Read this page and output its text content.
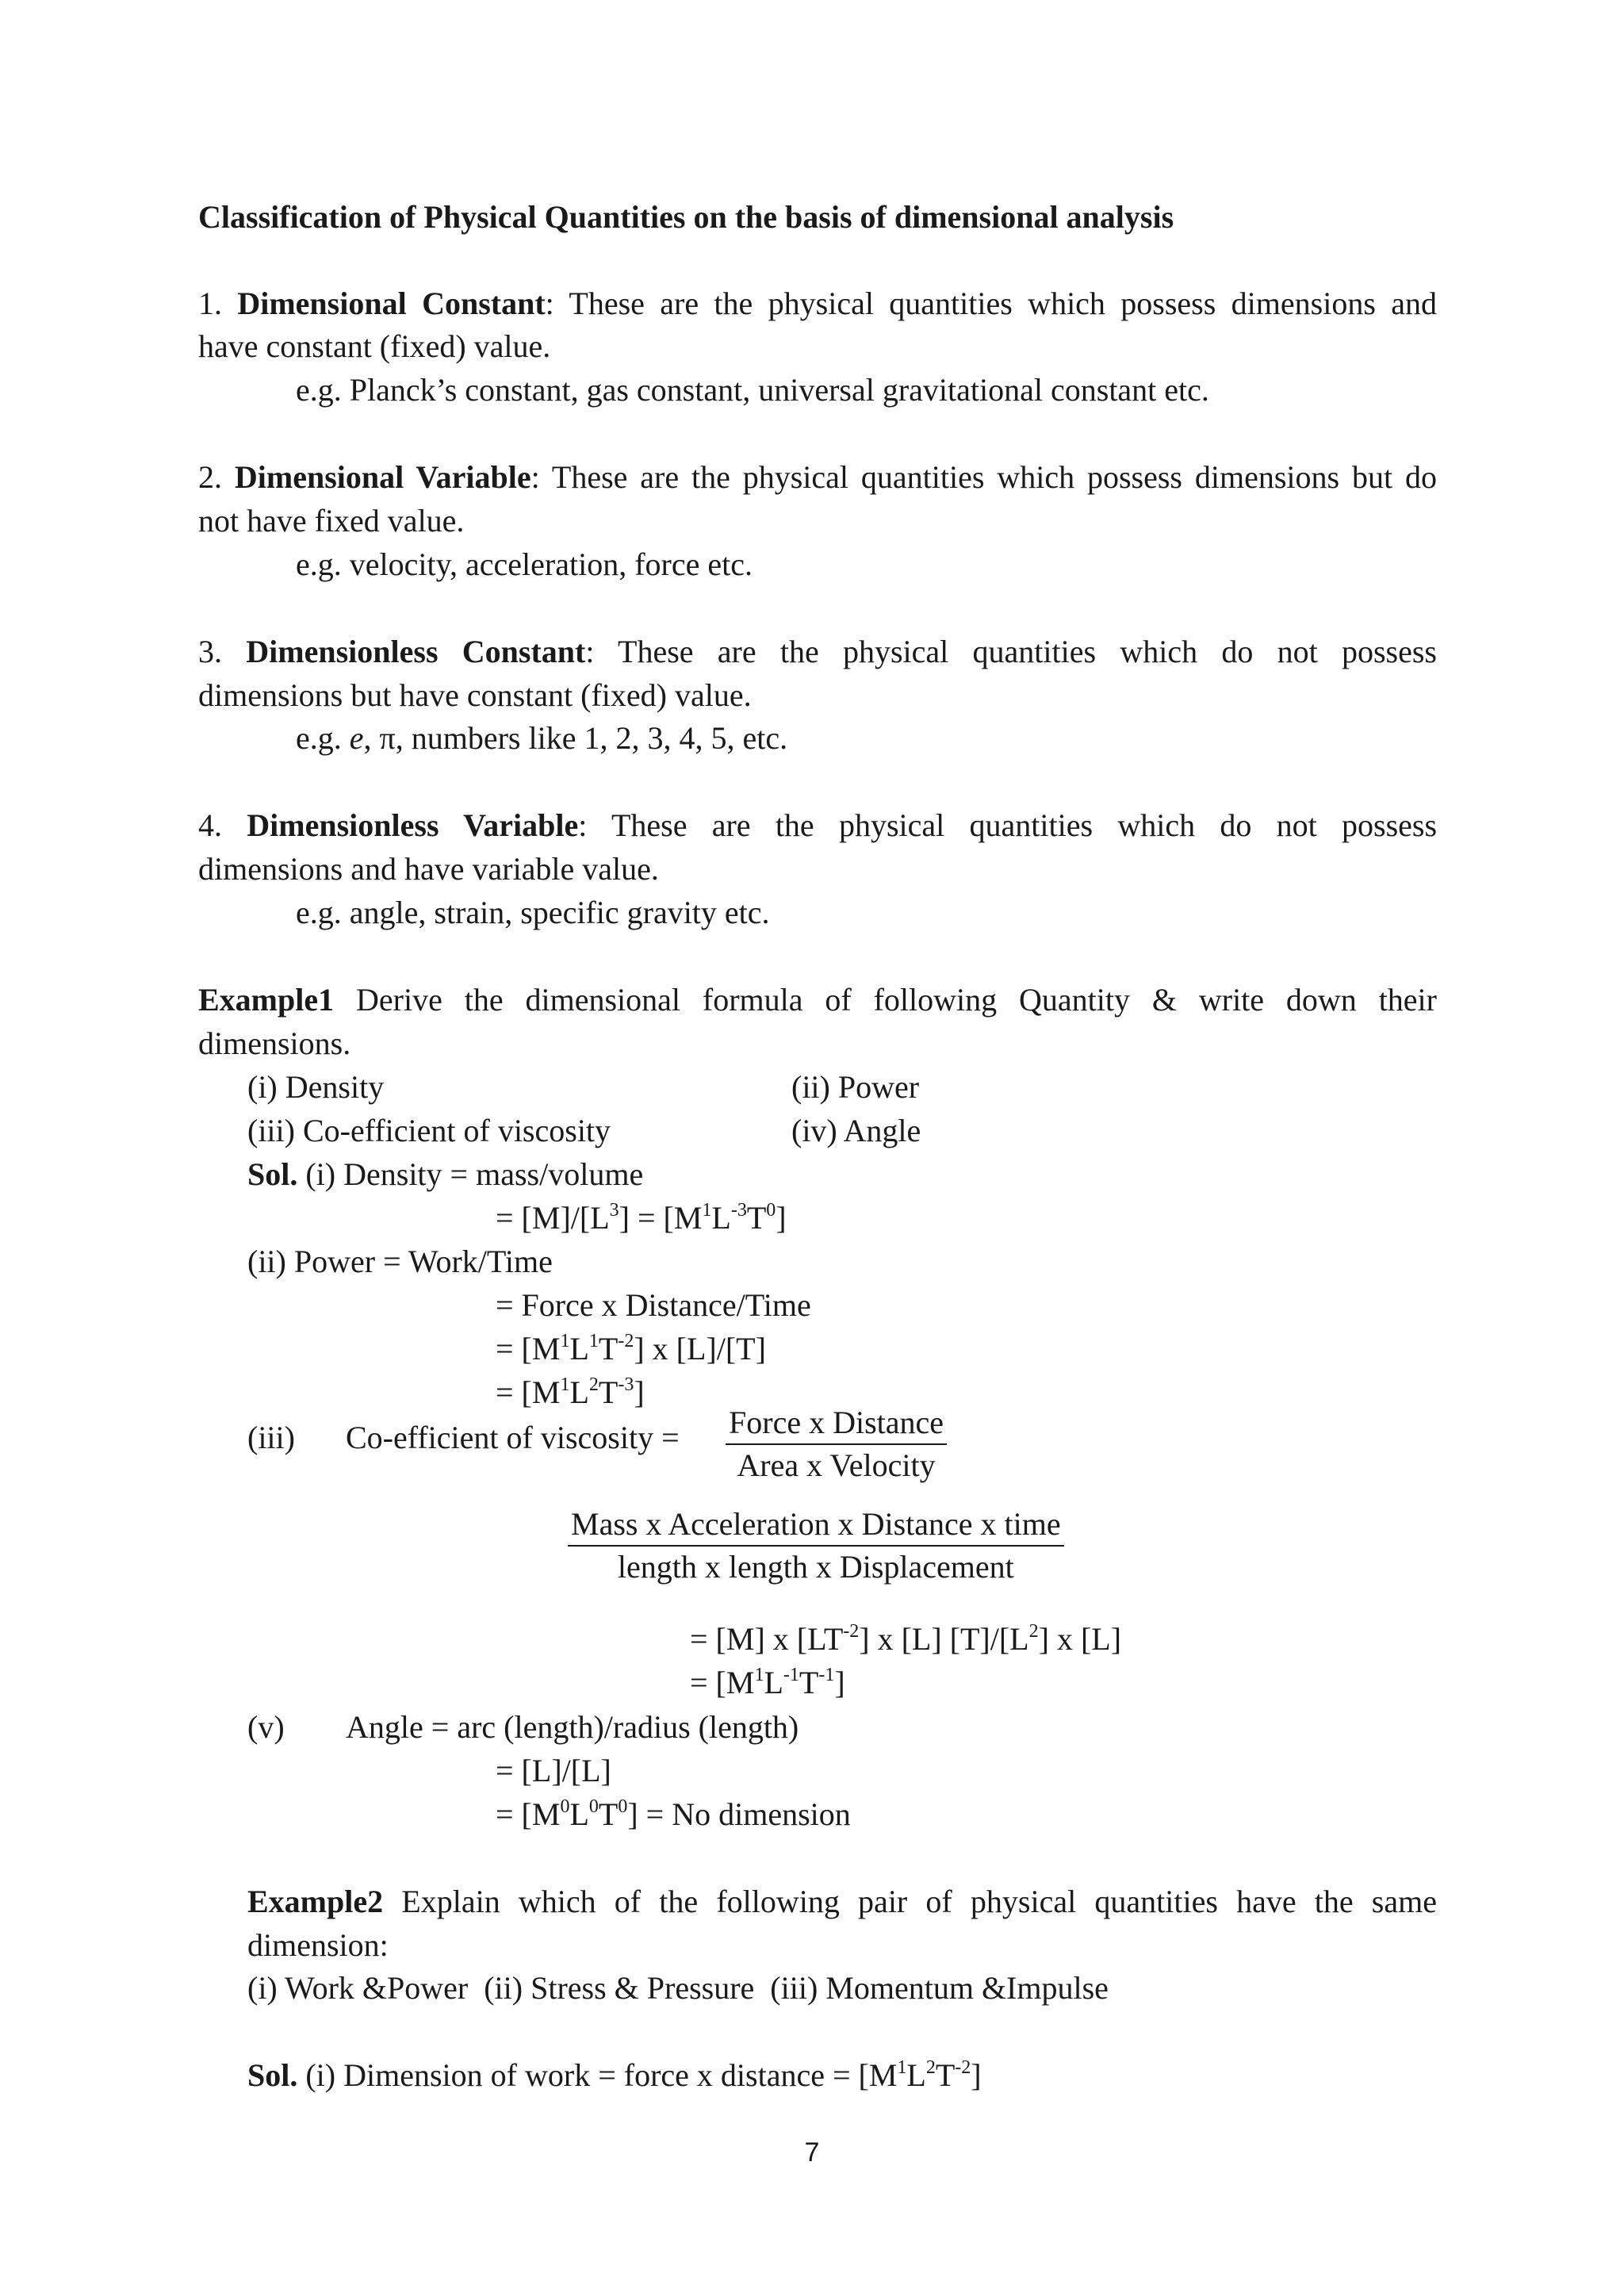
Classification of Physical Quantities on the basis of dimensional analysis
1. Dimensional Constant: These are the physical quantities which possess dimensions and
have constant (fixed) value.
e.g. Planck’s constant, gas constant, universal gravitational constant etc.
2. Dimensional Variable: These are the physical quantities which possess dimensions but do
not have fixed value.
e.g. velocity, acceleration, force etc.
3. Dimensionless Constant: These are the physical quantities which do not possess
dimensions but have constant (fixed) value.
e.g. e, π, numbers like 1, 2, 3, 4, 5, etc.
4. Dimensionless Variable: These are the physical quantities which do not possess
dimensions and have variable value.
e.g. angle, strain, specific gravity etc.
Example1 Derive the dimensional formula of following Quantity & write down their
dimensions.
(i) Density	(ii) Power
(iii) Co-efficient of viscosity	(iv) Angle
Sol. (i) Density = mass/volume
= $[M]/[L^3] = [M^1L^{-3}T^0]$
(ii) Power = Work/Time
= Force x Distance/Time
= $[M^1L^1T^{-2}]$ x [L]/[T]
= $[M^1L^2T^{-3}]$
(iii) Co-efficient of viscosity = Force x Distance
Area x Velocity
Mass x Acceleration x Distance x time
length x length x Displacement
= [M] x $[LT^{-2}]$ x [L] $[T]/[L^2]$ x [L]
= $[M^1L^{-1}T^{-1}]$
(v) Angle = arc (length)/radius (length)
= [L]/[L]
= $[M^0L^0T^0] = No$ dimension
Example2 Explain which of the following pair of physical quantities have the same
dimension:
(i) Work &Power  (ii) Stress & Pressure  (iii) Momentum &Impulse
Sol. (i) Dimension of work = force x distance = $[M^1L^2T^{-2}]$
7
